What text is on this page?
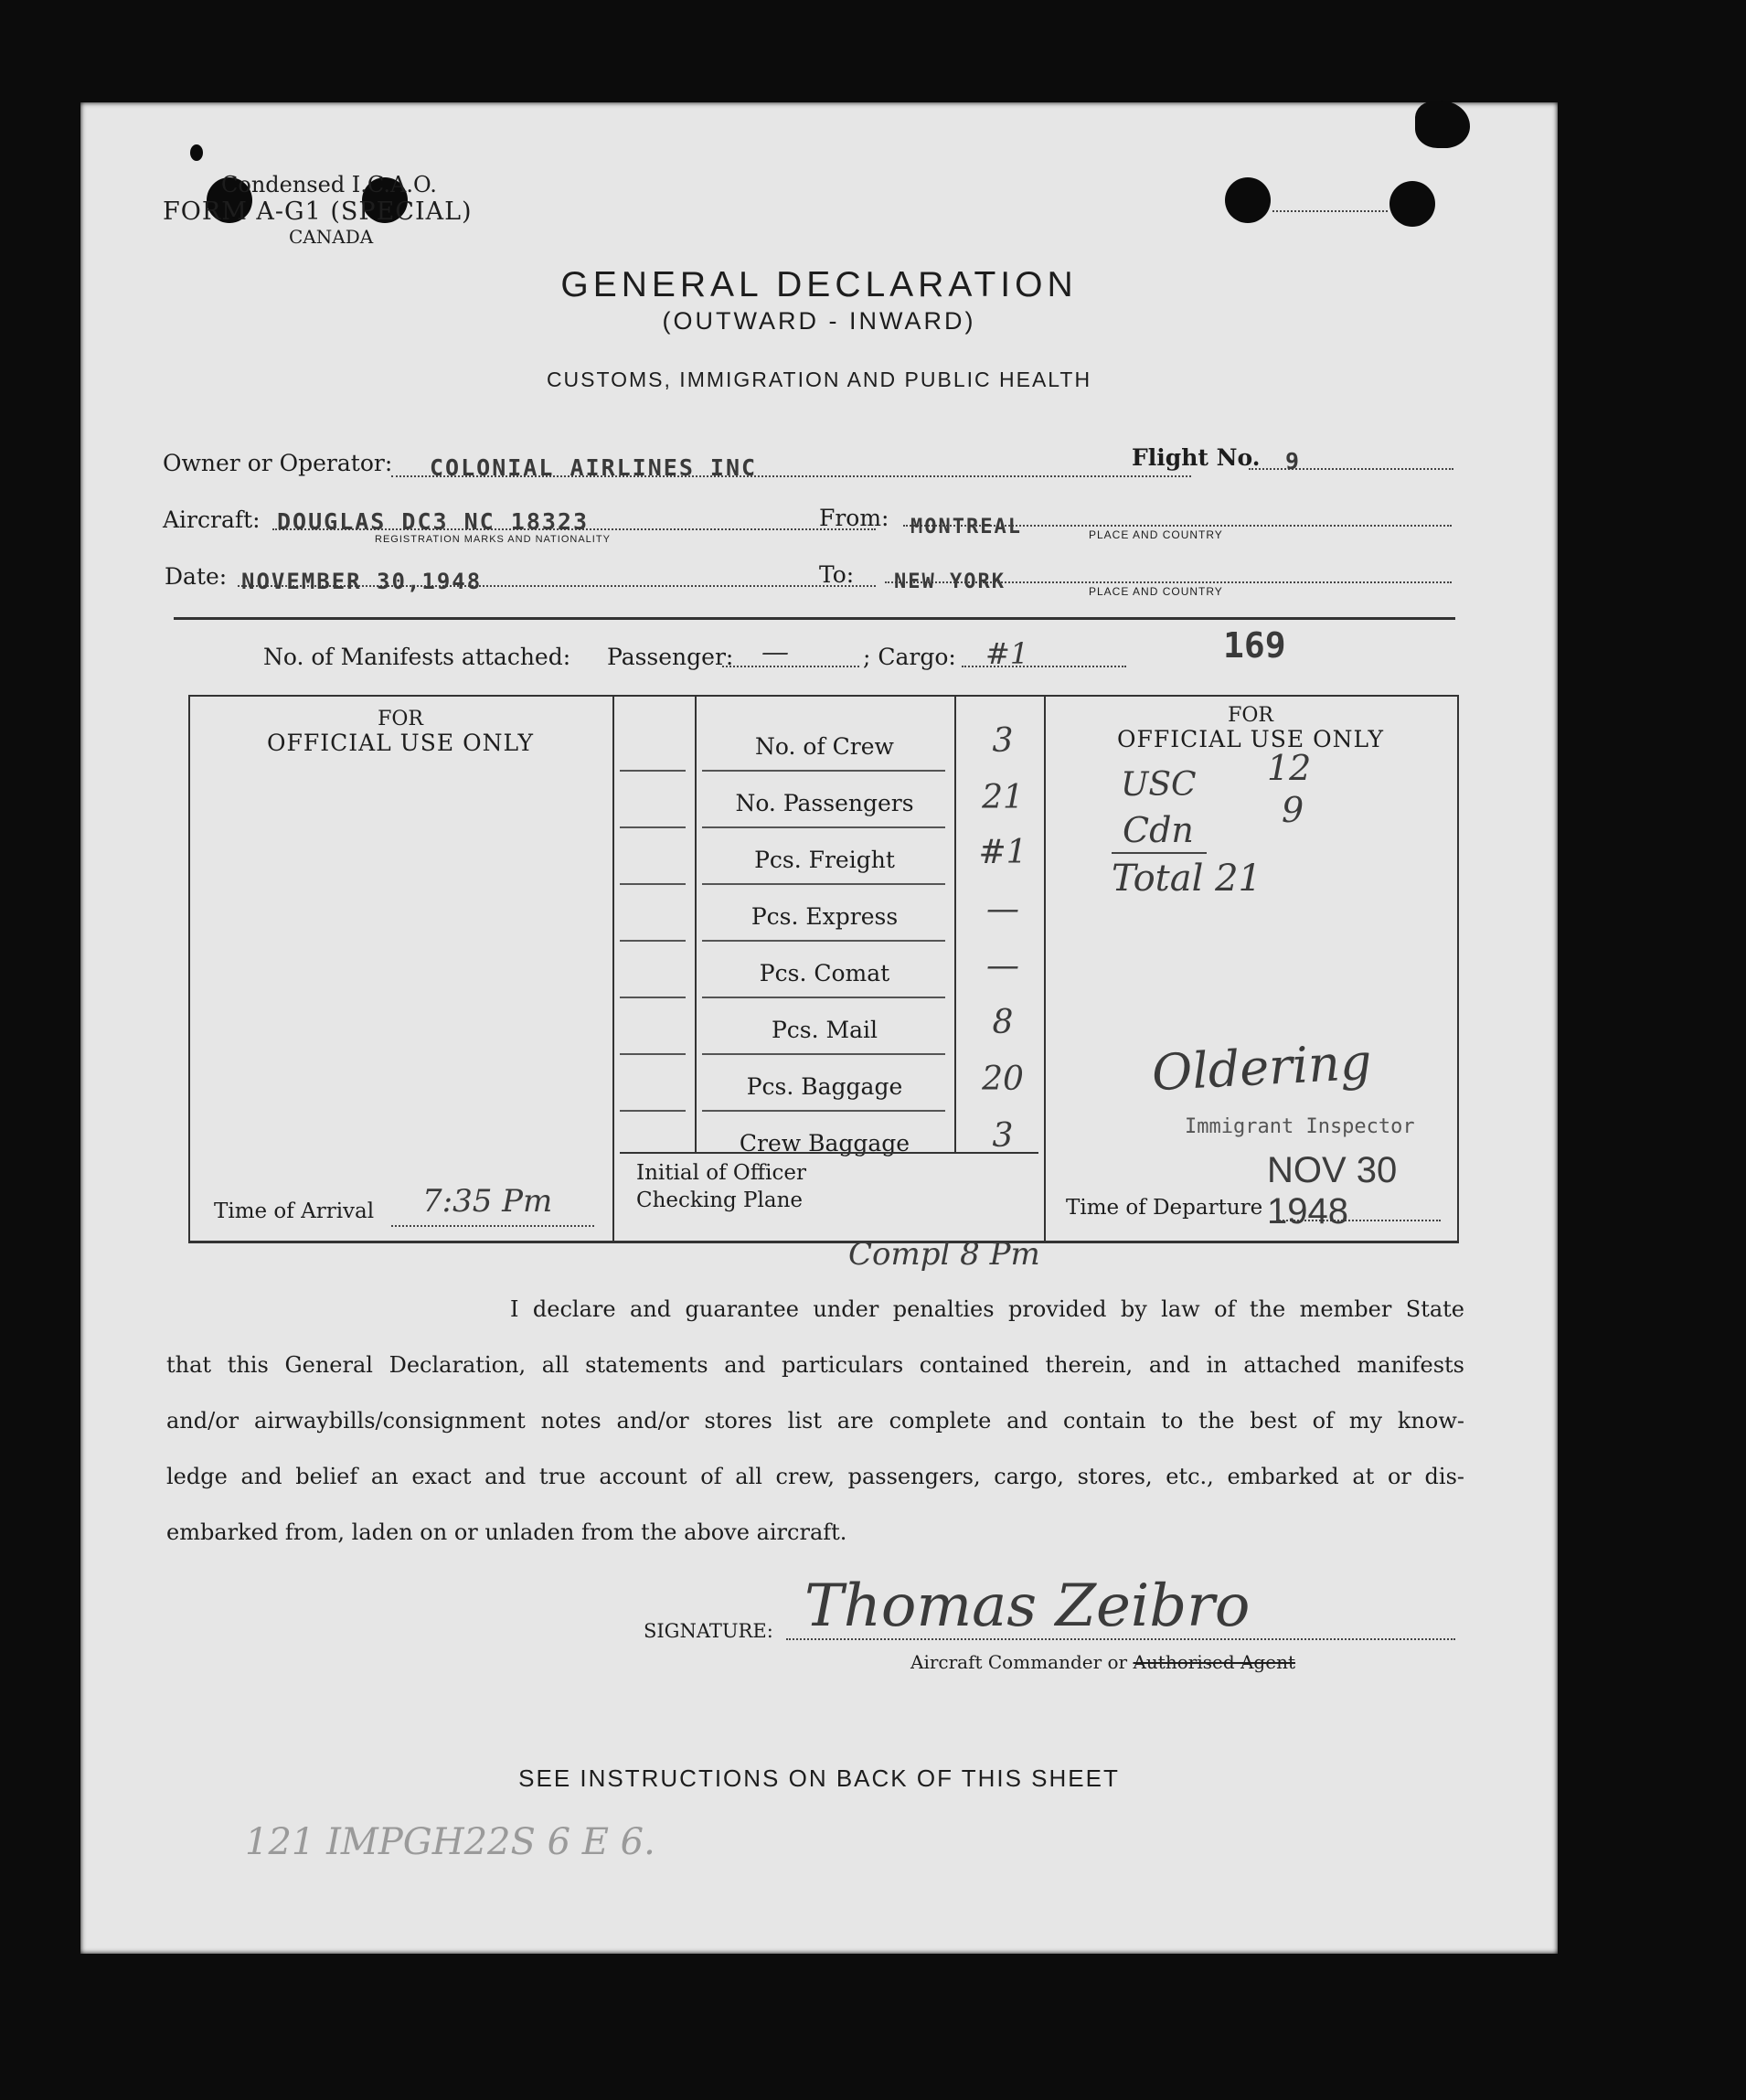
Condensed I.C.A.O.
FORM A-G1 (SPECIAL)
CANADA
GENERAL DECLARATION
(OUTWARD - INWARD)
CUSTOMS, IMMIGRATION AND PUBLIC HEALTH
Owner or Operator: COLONIAL AIRLINES INC	Flight No. 9
Aircraft: DOUGLAS DC3 NC 18323
REGISTRATION MARKS AND NATIONALITY
From: MONTREAL	PLACE AND COUNTRY
Date: NOVEMBER 30,1948	To: NEW YORK	PLACE AND COUNTRY
No. of Manifests attached: Passenger: —	; Cargo: #1	169
FOR
OFFICIAL USE ONLY
FOR
OFFICIAL USE ONLY
No. of Crew	3
No. Passengers	21
Pcs. Freight	#1
Pcs. Express	—
Pcs. Comat	—
Pcs. Mail	8
Pcs. Baggage	20
Crew Baggage	3
Time of Arrival 7:35 Pm
Initial of Officer
Checking Plane	Time of Departure
USC 12
Cdn	9
Total 21
Oldering
Immigrant Inspector
NOV 30 1948
Compl 8 Pm
I declare and guarantee under penalties provided by law of the member State
that this General Declaration, all statements and particulars contained therein, and in attached manifests
and/or airwaybills/consignment notes and/or stores list are complete and contain to the best of my know-
ledge and belief an exact and true account of all crew, passengers, cargo, stores, etc., embarked at or dis-
embarked from, laden on or unladen from the above aircraft.
SIGNATURE: Thomas Zeibro
Aircraft Commander or Authorised Agent
SEE INSTRUCTIONS ON BACK OF THIS SHEET
121 IMPGH22S 6 E 6.
